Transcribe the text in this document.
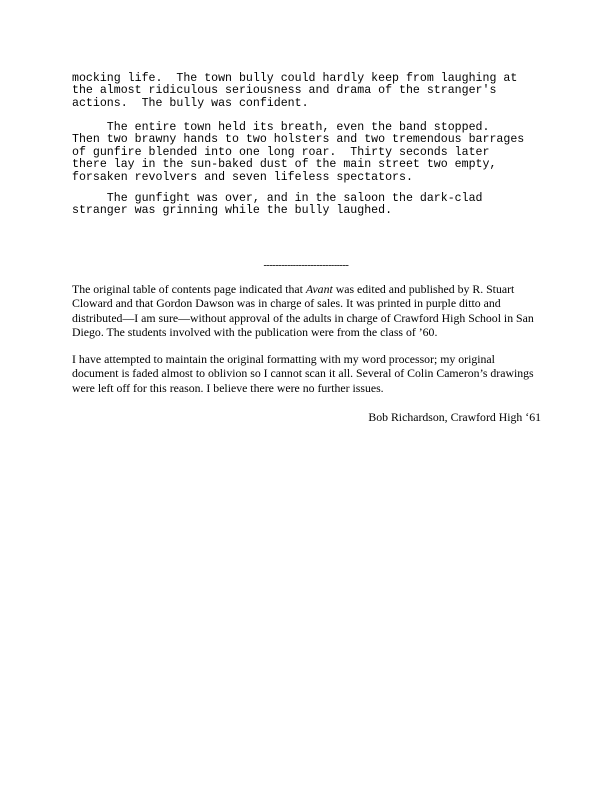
mocking life.  The town bully could hardly keep from laughing at
the almost ridiculous seriousness and drama of the stranger's
actions.  The bully was confident.
The entire town held its breath, even the band stopped.
Then two brawny hands to two holsters and two tremendous barrages
of gunfire blended into one long roar.  Thirty seconds later
there lay in the sun-baked dust of the main street two empty,
forsaken revolvers and seven lifeless spectators.
The gunfight was over, and in the saloon the dark-clad
stranger was grinning while the bully laughed.
-----------------------------

The original table of contents page indicated that Avant was edited and published by R. Stuart Cloward and that Gordon Dawson was in charge of sales. It was printed in purple ditto and distributed—I am sure—without approval of the adults in charge of Crawford High School in San Diego. The students involved with the publication were from the class of ’60.

I have attempted to maintain the original formatting with my word processor; my original document is faded almost to oblivion so I cannot scan it all. Several of Colin Cameron’s drawings were left off for this reason. I believe there were no further issues.

Bob Richardson, Crawford High ‘61
